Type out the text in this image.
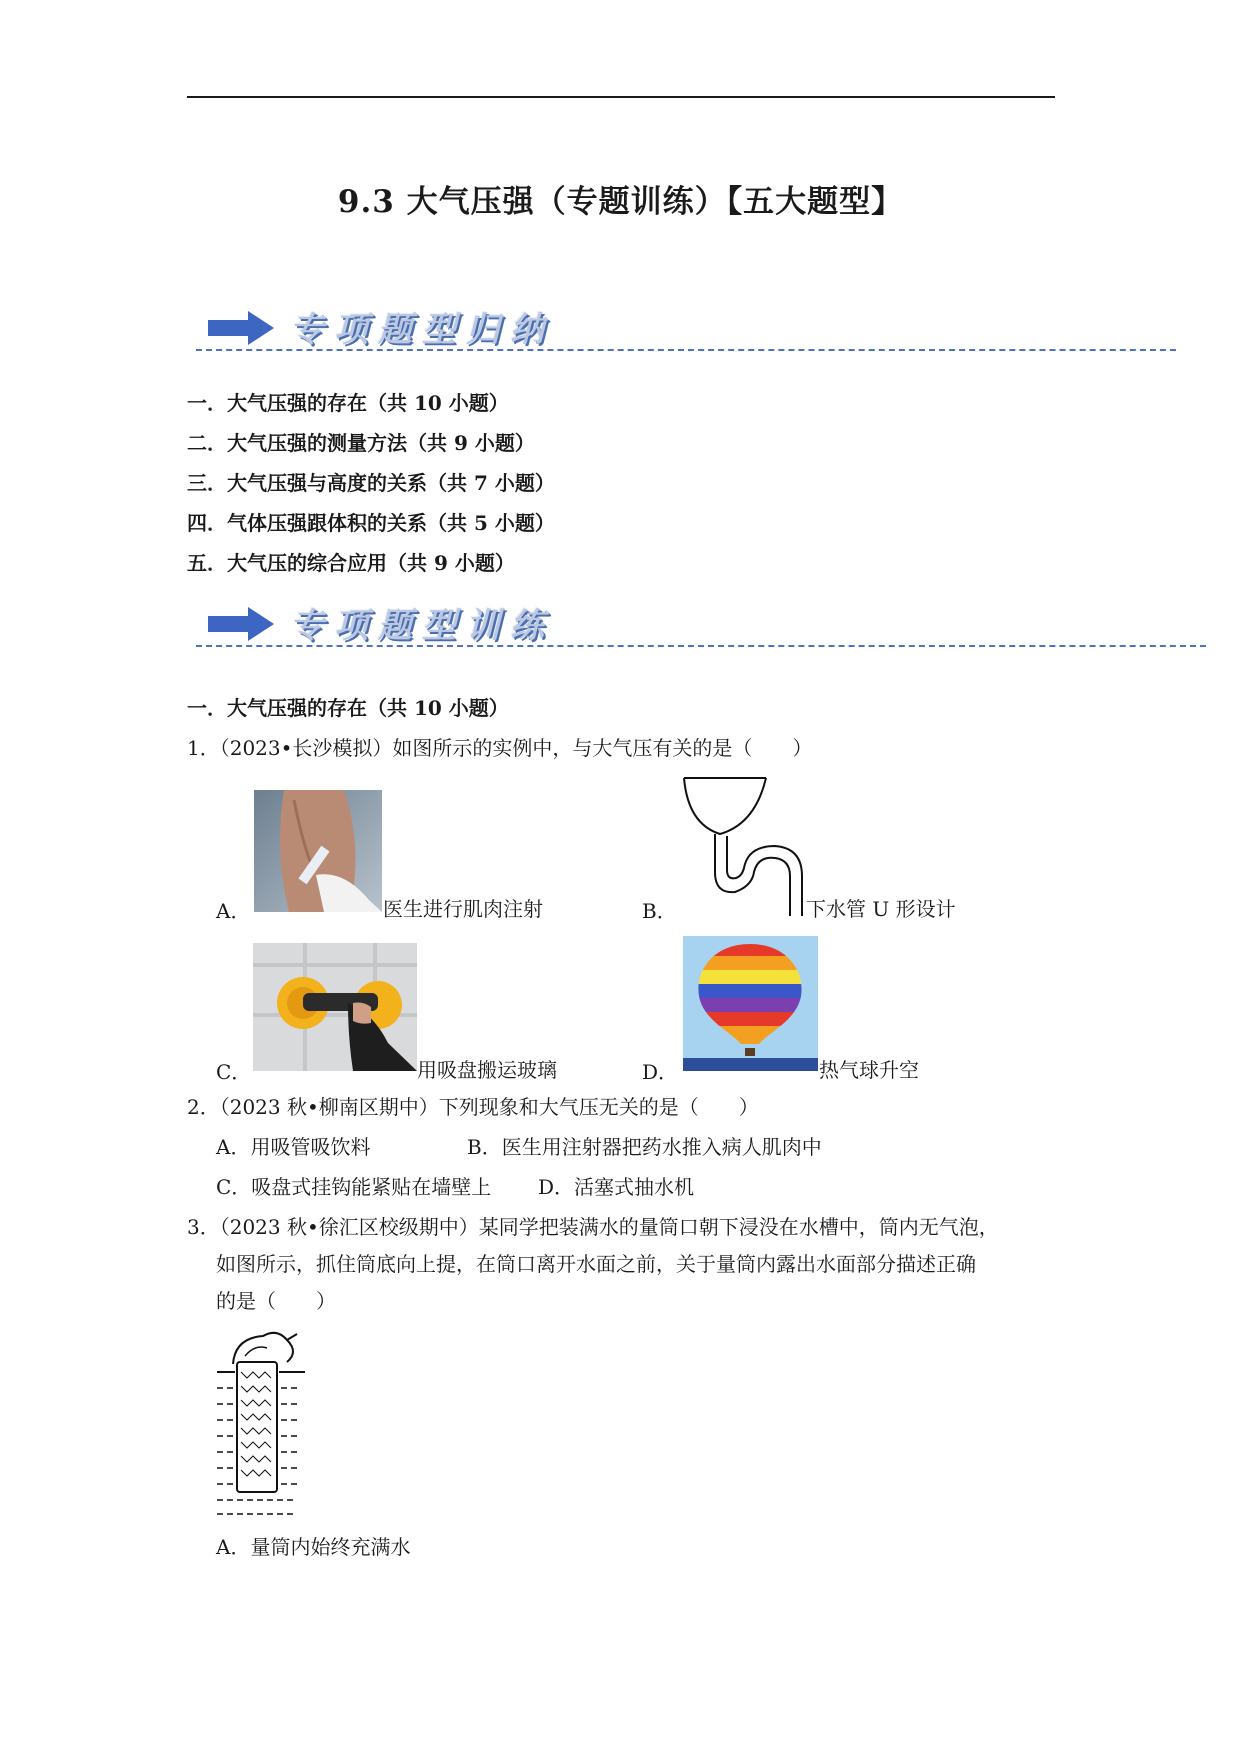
9.3 大气压强（专题训练）【五大题型】
专项题型归纳
一．大气压强的存在（共 10 小题）
二．大气压强的测量方法（共 9 小题）
三．大气压强与高度的关系（共 7 小题）
四．气体压强跟体积的关系（共 5 小题）
五．大气压的综合应用（共 9 小题）
专项题型训练
一．大气压强的存在（共 10 小题）
1．（2023•长沙模拟）如图所示的实例中，与大气压有关的是（　　）
A．	医生进行肌肉注射	B．	下水管 U 形设计
C．	用吸盘搬运玻璃	D．	热气球升空
2．（2023 秋•柳南区期中）下列现象和大气压无关的是（　　）
A．用吸管吸饮料	B．医生用注射器把药水推入病人肌肉中
C．吸盘式挂钩能紧贴在墙壁上 D．活塞式抽水机
3．（2023 秋•徐汇区校级期中）某同学把装满水的量筒口朝下浸没在水槽中，筒内无气泡，
如图所示，抓住筒底向上提，在筒口离开水面之前，关于量筒内露出水面部分描述正确
的是（　　）
A．量筒内始终充满水
